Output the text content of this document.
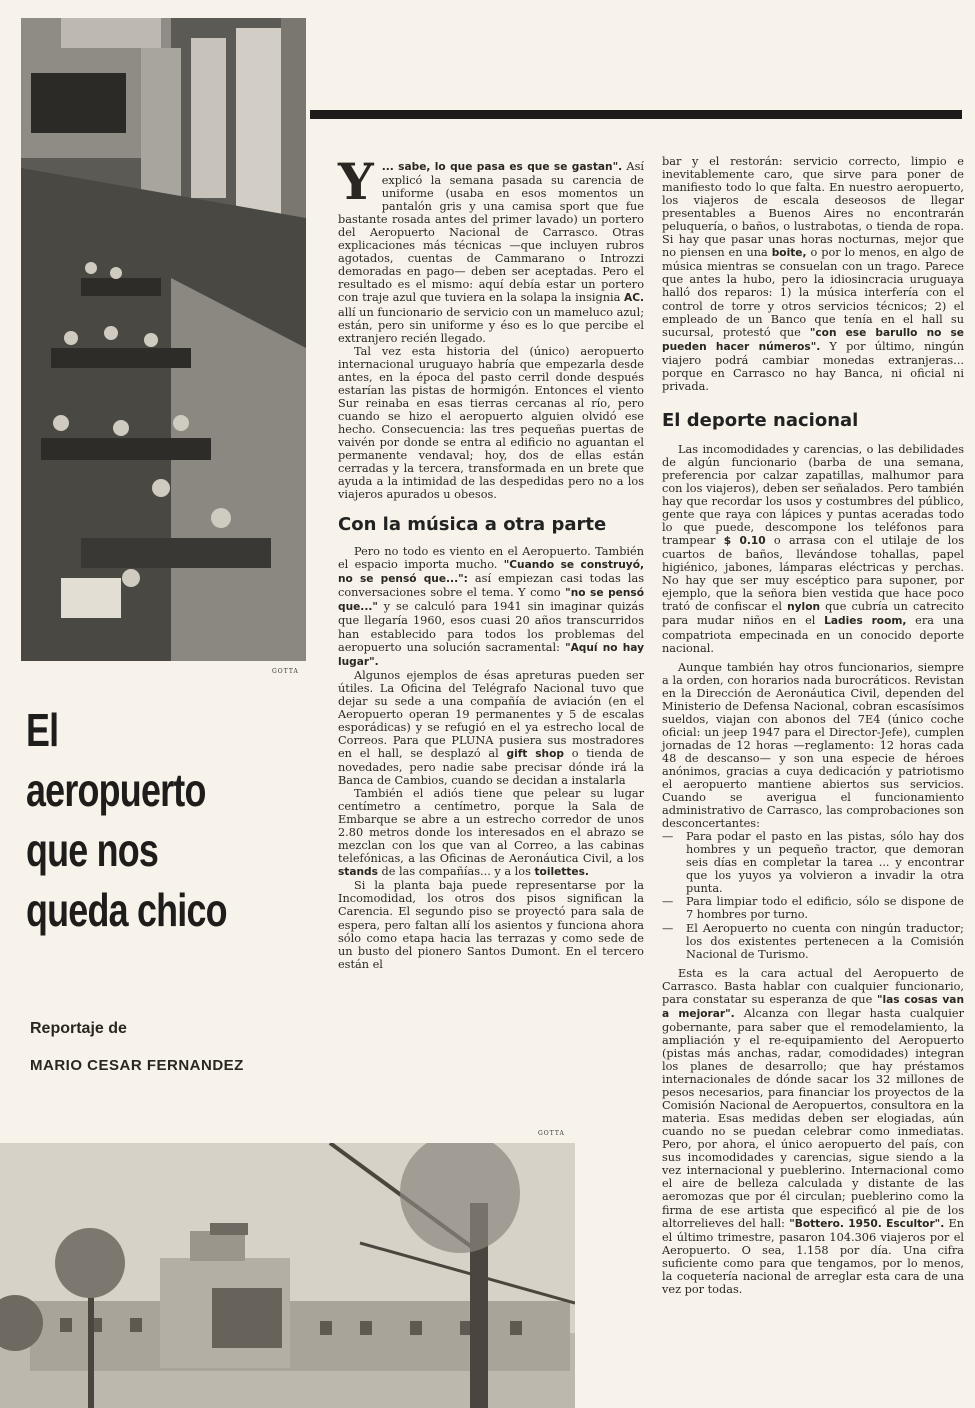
GOTTA
El
aeropuerto
que nos
queda chico
Reportaje de
MARIO CESAR FERNANDEZ

Y ... sabe, lo que pasa es que se gastan". Así explicó la semana pasada su carencia de uniforme (usaba en esos momentos un pantalón gris y una camisa sport que fue bastante rosada antes del primer lavado) un portero del Aeropuerto Nacional de Carrasco. Otras explicaciones más técnicas —que incluyen rubros agotados, cuentas de Cammarano o Introzzi demoradas en pago— deben ser aceptadas. Pero el resultado es el mismo: aquí debía estar un portero con traje azul que tuviera en la solapa la insignia AC. allí un funcionario de servicio con un mameluco azul; están, pero sin uniforme y éso es lo que percibe el extranjero recién llegado.

Tal vez esta historia del (único) aeropuerto internacional uruguayo habría que empezarla desde antes, en la época del pasto cerril donde después estarían las pistas de hormigón. Entonces el viento Sur reinaba en esas tierras cercanas al río, pero cuando se hizo el aeropuerto alguien olvidó ese hecho. Consecuencia: las tres pequeñas puertas de vaivén por donde se entra al edificio no aguantan el permanente vendaval; hoy, dos de ellas están cerradas y la tercera, transformada en un brete que ayuda a la intimidad de las despedidas pero no a los viajeros apurados u obesos.

Con la música a otra parte

Pero no todo es viento en el Aeropuerto. También el espacio importa mucho. "Cuando se construyó, no se pensó que...": así empiezan casi todas las conversaciones sobre el tema. Y como "no se pensó que..." y se calculó para 1941 sin imaginar quizás que llegaría 1960, esos cuasi 20 años transcurridos han establecido para todos los problemas del aeropuerto una solución sacramental: "Aquí no hay lugar".

Algunos ejemplos de ésas apreturas pueden ser útiles. La Oficina del Telégrafo Nacional tuvo que dejar su sede a una compañía de aviación (en el Aeropuerto operan 19 permanentes y 5 de escalas esporádicas) y se refugió en el ya estrecho local de Correos. Para que PLUNA pusiera sus mostradores en el hall, se desplazó al gift shop o tienda de novedades, pero nadie sabe precisar dónde irá la Banca de Cambios, cuando se decidan a instalarla

También el adiós tiene que pelear su lugar centímetro a centímetro, porque la Sala de Embarque se abre a un estrecho corredor de unos 2.80 metros donde los interesados en el abrazo se mezclan con los que van al Correo, a las cabinas telefónicas, a las Oficinas de Aeronáutica Civil, a los stands de las compañías... y a los toilettes.

Si la planta baja puede representarse por la Incomodidad, los otros dos pisos significan la Carencia. El segundo piso se proyectó para sala de espera, pero faltan allí los asientos y funciona ahora sólo como etapa hacia las terrazas y como sede de un busto del pionero Santos Dumont. En el tercero están el

bar y el restorán: servicio correcto, limpio e inevitablemente caro, que sirve para poner de manifiesto todo lo que falta. En nuestro aeropuerto, los viajeros de escala deseosos de llegar presentables a Buenos Aires no encontrarán peluquería, o baños, o lustrabotas, o tienda de ropa. Si hay que pasar unas horas nocturnas, mejor que no piensen en una boite, o por lo menos, en algo de música mientras se consuelan con un trago. Parece que antes la hubo, pero la idiosincracia uruguaya halló dos reparos: 1) la música interfería con el control de torre y otros servicios técnicos; 2) el empleado de un Banco que tenía en el hall su sucursal, protestó que "con ese barullo no se pueden hacer números". Y por último, ningún viajero podrá cambiar monedas extranjeras... porque en Carrasco no hay Banca, ni oficial ni privada.

El deporte nacional

Las incomodidades y carencias, o las debilidades de algún funcionario (barba de una semana, preferencia por calzar zapatillas, malhumor para con los viajeros), deben ser señalados. Pero también hay que recordar los usos y costumbres del público, gente que raya con lápices y puntas aceradas todo lo que puede, descompone los teléfonos para trampear $ 0.10 o arrasa con el utilaje de los cuartos de baños, llevándose tohallas, papel higiénico, jabones, lámparas eléctricas y perchas. No hay que ser muy escéptico para suponer, por ejemplo, que la señora bien vestida que hace poco trató de confiscar el nylon que cubría un catrecito para mudar niños en el Ladies room, era una compatriota empecinada en un conocido deporte nacional.

Aunque también hay otros funcionarios, siempre a la orden, con horarios nada burocráticos. Revistan en la Dirección de Aeronáutica Civil, dependen del Ministerio de Defensa Nacional, cobran escasísimos sueldos, viajan con abonos del 7E4 (único coche oficial: un jeep 1947 para el Director-Jefe), cumplen jornadas de 12 horas —reglamento: 12 horas cada 48 de descanso— y son una especie de héroes anónimos, gracias a cuya dedicación y patriotismo el aeropuerto mantiene abiertos sus servicios. Cuando se averigua el funcionamiento administrativo de Carrasco, las comprobaciones son desconcertantes:

— Para podar el pasto en las pistas, sólo hay dos hombres y un pequeño tractor, que demoran seis días en completar la tarea ... y encontrar que los yuyos ya volvieron a invadir la otra punta.

— Para limpiar todo el edificio, sólo se dispone de 7 hombres por turno.

— El Aeropuerto no cuenta con ningún traductor; los dos existentes pertenecen a la Comisión Nacional de Turismo.

Esta es la cara actual del Aeropuerto de Carrasco. Basta hablar con cualquier funcionario, para constatar su esperanza de que "las cosas van a mejorar". Alcanza con llegar hasta cualquier gobernante, para saber que el remodelamiento, la ampliación y el re-equipamiento del Aeropuerto (pistas más anchas, radar, comodidades) integran los planes de desarrollo; que hay préstamos internacionales de dónde sacar los 32 millones de pesos necesarios, para financiar los proyectos de la Comisión Nacional de Aeropuertos, consultora en la materia. Esas medidas deben ser elogiadas, aún cuando no se puedan celebrar como inmediatas. Pero, por ahora, el único aeropuerto del país, con sus incomodidades y carencias, sigue siendo a la vez internacional y pueblerino. Internacional como el aire de belleza calculada y distante de las aeromozas que por él circulan; pueblerino como la firma de ese artista que especificó al pie de los altorrelieves del hall: "Bottero. 1950. Escultor". En el último trimestre, pasaron 104.306 viajeros por el Aeropuerto. O sea, 1.158 por día. Una cifra suficiente como para que tengamos, por lo menos, la coquetería nacional de arreglar esta cara de una vez por todas.

GOTTA
